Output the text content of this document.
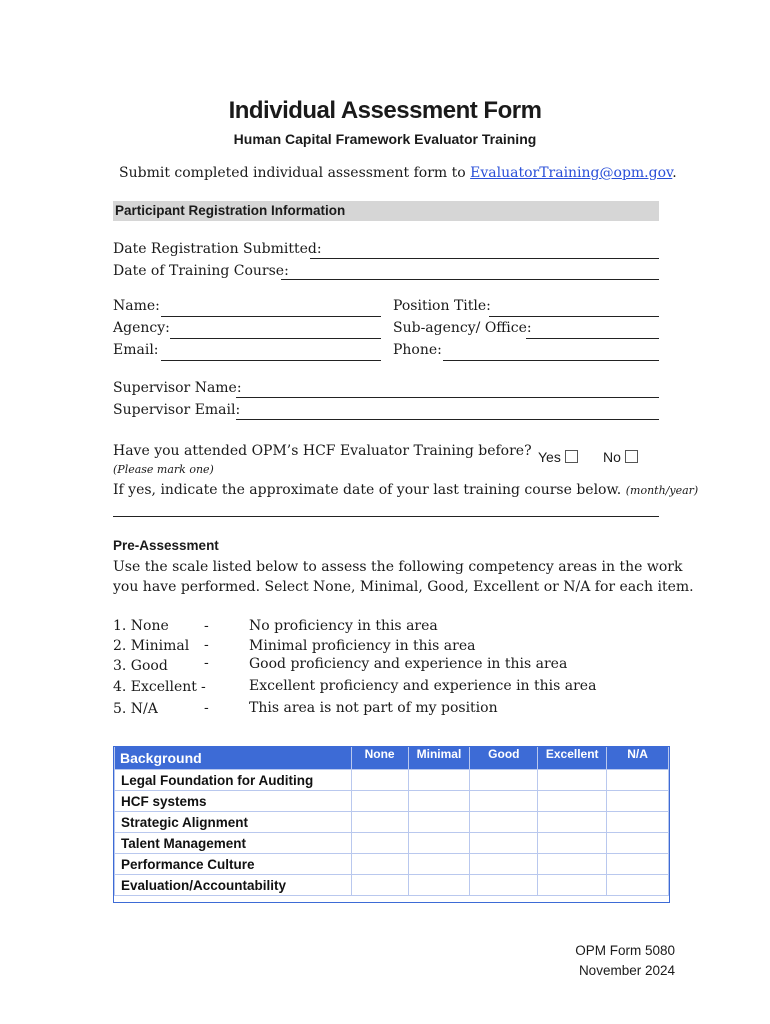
Individual Assessment Form
Human Capital Framework Evaluator Training
Submit completed individual assessment form to EvaluatorTraining@opm.gov.
Participant Registration Information
Date Registration Submitted:
Date of Training Course:
Name:
Agency:
Email:
Position Title:
Sub-agency/ Office:
Phone:
Supervisor Name:
Supervisor Email:
Have you attended OPM’s HCF Evaluator Training before?
(Please mark one)
Yes	No
If yes, indicate the approximate date of your last training course below. (month/year)
Pre-Assessment
Use the scale listed below to assess the following competency areas in the work
you have performed. Select None, Minimal, Good, Excellent or N/A for each item.
1. None	-	No proficiency in this area
2. Minimal -	Minimal proficiency in this area
3. Good	-	Good proficiency and experience in this area
4. Excellent -	Excellent proficiency and experience in this area
5. N/A	-	This area is not part of my position
Background	None	Minimal	Good	Excellent	N/A
Legal Foundation for Auditing					
HCF systems					
Strategic Alignment					
Talent Management					
Performance Culture					
Evaluation/Accountability					
OPM Form 5080
November 2024
